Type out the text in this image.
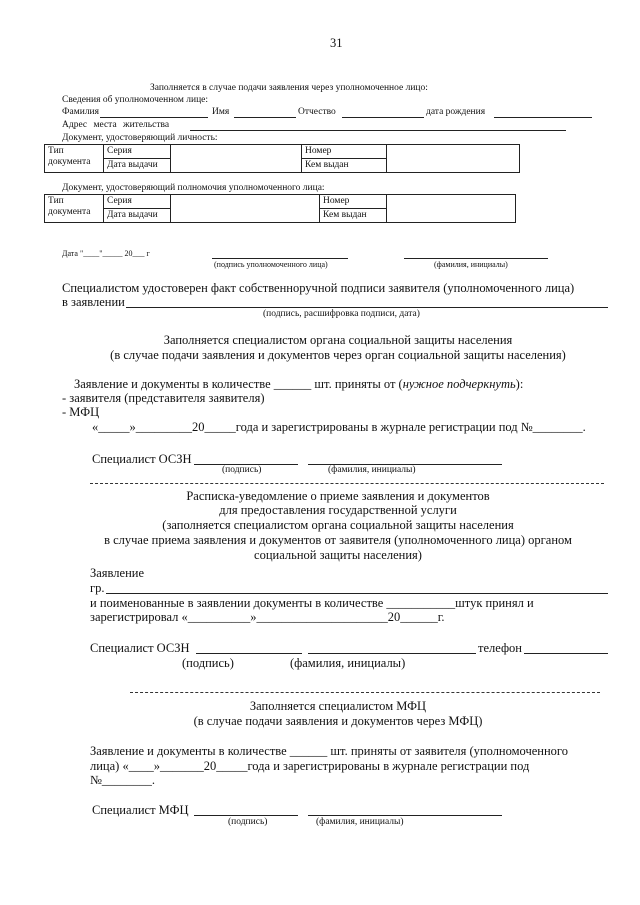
31
Заполняется в случае подачи заявления через уполномоченное лицо:
Сведения об уполномоченном лице:
Фамилия	Имя	Отчество	дата рождения
Адрес места жительства
Документ, удостоверяющий личность:
Тип документа	Серия		Номер	
	Дата выдачи		Кем выдан	
Документ, удостоверяющий полномочия уполномоченного лица:
Тип документа	Серия		Номер	
	Дата выдачи		Кем выдан	
Дата "____"_____ 20___ г
(подпись уполномоченного лица)	(фамилия, инициалы)
Специалистом удостоверен факт собственноручной подписи заявителя (уполномоченного лица)
в заявлении
(подпись, расшифровка подписи, дата)
Заполняется специалистом органа социальной защиты населения
(в случае подачи заявления и документов через орган социальной защиты населения)
Заявление и документы в количестве ______ шт. приняты от (нужное подчеркнуть):
- заявителя (представителя заявителя)
- МФЦ
«_____»_________20_____года и зарегистрированы в журнале регистрации под №________.
Специалист ОСЗН
(подпись)	(фамилия, инициалы)
Расписка-уведомление о приеме заявления и документов
для предоставления государственной услуги
(заполняется специалистом органа социальной защиты населения
в случае приема заявления и документов от заявителя (уполномоченного лица) органом
социальной защиты населения)
Заявление
гр.
и поименованные в заявлении документы в количестве ___________штук принял и
зарегистрировал «__________»_____________________20______г.
Специалист ОСЗН	телефон
(подпись)	(фамилия, инициалы)
Заполняется специалистом МФЦ
(в случае подачи заявления и документов через МФЦ)
Заявление и документы в количестве ______ шт. приняты от заявителя (уполномоченного
лица) «____»_______20_____года и зарегистрированы в журнале регистрации под
№________.
Специалист МФЦ
(подпись)	(фамилия, инициалы)
